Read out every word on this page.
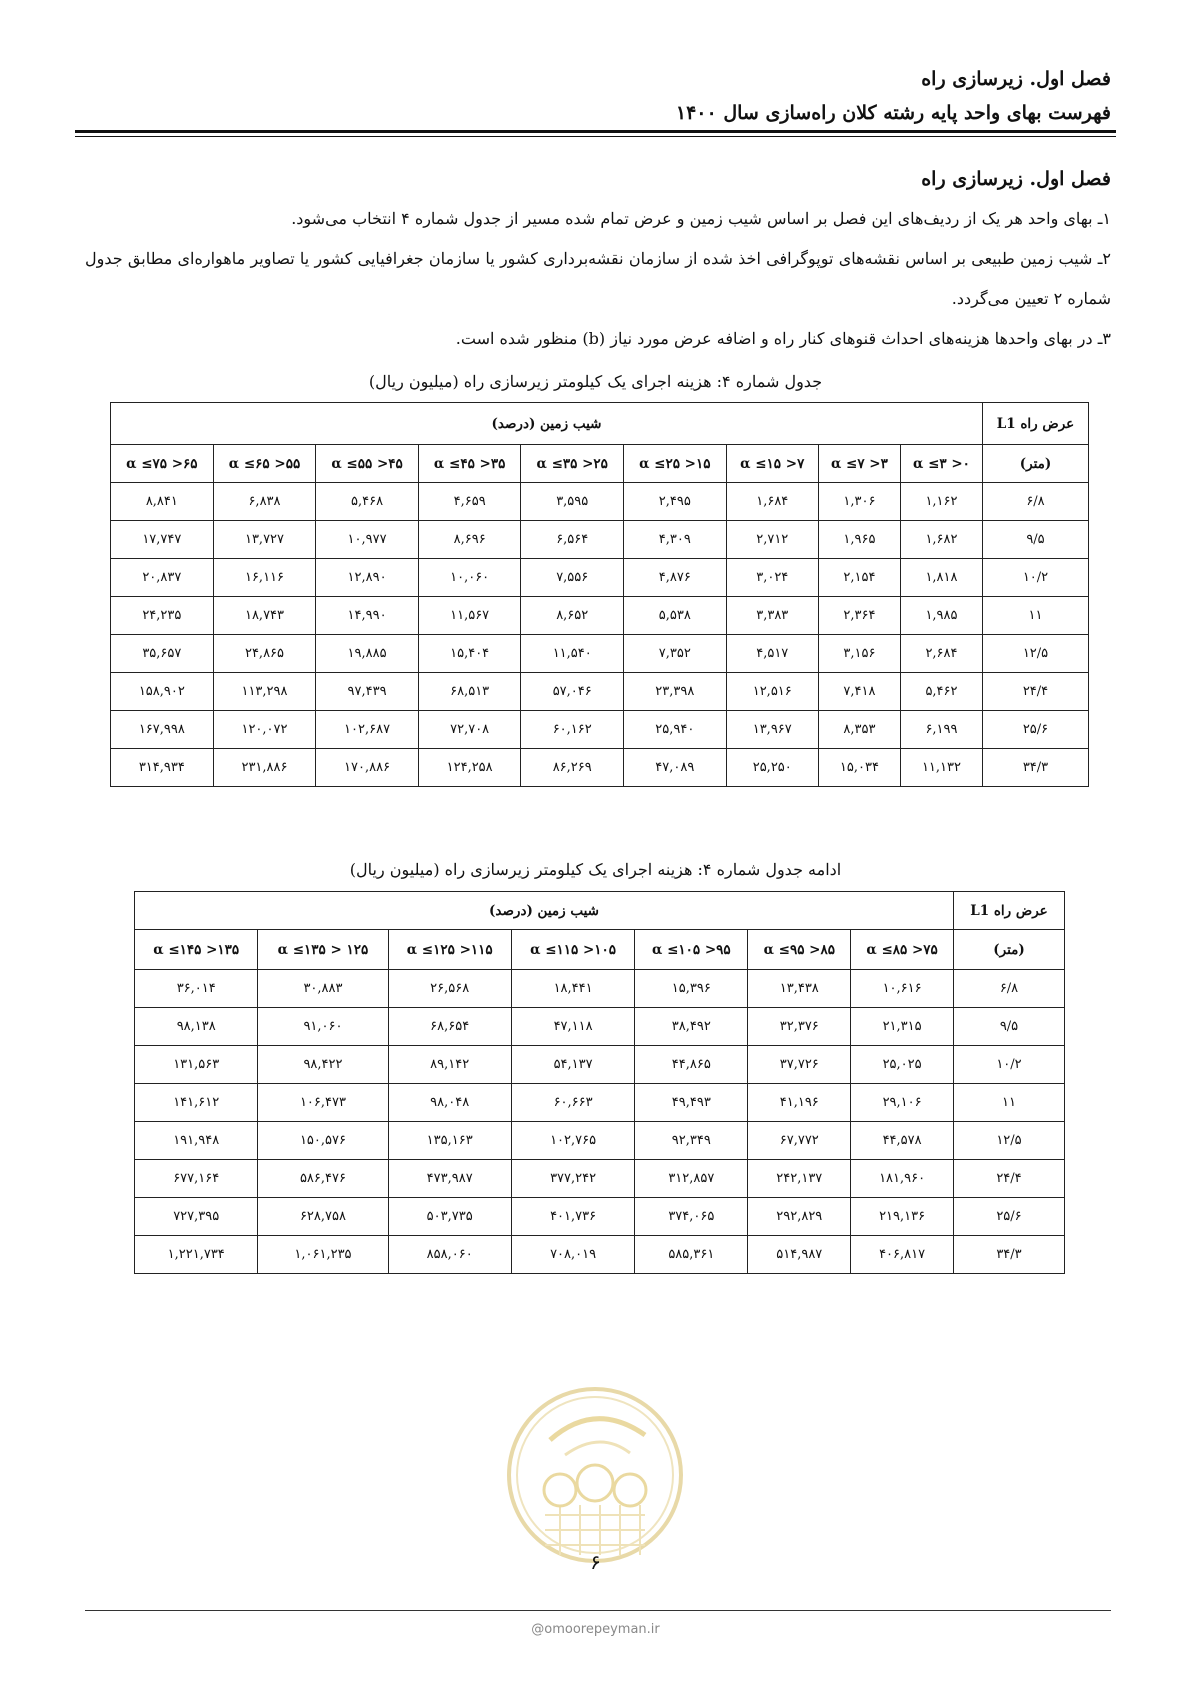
فصل اول. زیرسازی راه
فهرست بهای واحد پایه رشته کلان راه‌سازی سال ۱۴۰۰
فصل اول. زیرسازی راه

۱ـ بهای واحد هر یک از ردیف‌های این فصل بر اساس شیب زمین و عرض تمام شده مسیر از جدول شماره ۴ انتخاب می‌شود.

۲ـ شیب زمین طبیعی بر اساس نقشه‌های توپوگرافی اخذ شده از سازمان نقشه‌برداری کشور یا سازمان جغرافیایی کشور یا تصاویر ماهواره‌ای مطابق جدول شماره ۲ تعیین می‌گردد.

۳ـ در بهای واحدها هزینه‌های احداث قنوهای کنار راه و اضافه عرض مورد نیاز (b) منظور شده است.

جدول شماره ۴: هزینه اجرای یک کیلومتر زیرسازی راه (میلیون ریال)
عرض راه L1	شیب زمین (درصد)								
(متر)	۰< α ≤۳	۳< α ≤۷	۷< α ≤۱۵	۱۵< α ≤۲۵	۲۵< α ≤۳۵	۳۵< α ≤۴۵	۴۵< α ≤۵۵	۵۵< α ≤۶۵	۶۵< α ≤۷۵
۶/۸	۱,۱۶۲	۱,۳۰۶	۱,۶۸۴	۲,۴۹۵	۳,۵۹۵	۴,۶۵۹	۵,۴۶۸	۶,۸۳۸	۸,۸۴۱
۹/۵	۱,۶۸۲	۱,۹۶۵	۲,۷۱۲	۴,۳۰۹	۶,۵۶۴	۸,۶۹۶	۱۰,۹۷۷	۱۳,۷۲۷	۱۷,۷۴۷
۱۰/۲	۱,۸۱۸	۲,۱۵۴	۳,۰۲۴	۴,۸۷۶	۷,۵۵۶	۱۰,۰۶۰	۱۲,۸۹۰	۱۶,۱۱۶	۲۰,۸۳۷
۱۱	۱,۹۸۵	۲,۳۶۴	۳,۳۸۳	۵,۵۳۸	۸,۶۵۲	۱۱,۵۶۷	۱۴,۹۹۰	۱۸,۷۴۳	۲۴,۲۳۵
۱۲/۵	۲,۶۸۴	۳,۱۵۶	۴,۵۱۷	۷,۳۵۲	۱۱,۵۴۰	۱۵,۴۰۴	۱۹,۸۸۵	۲۴,۸۶۵	۳۵,۶۵۷
۲۴/۴	۵,۴۶۲	۷,۴۱۸	۱۲,۵۱۶	۲۳,۳۹۸	۵۷,۰۴۶	۶۸,۵۱۳	۹۷,۴۳۹	۱۱۳,۲۹۸	۱۵۸,۹۰۲
۲۵/۶	۶,۱۹۹	۸,۳۵۳	۱۳,۹۶۷	۲۵,۹۴۰	۶۰,۱۶۲	۷۲,۷۰۸	۱۰۲,۶۸۷	۱۲۰,۰۷۲	۱۶۷,۹۹۸
۳۴/۳	۱۱,۱۳۲	۱۵,۰۳۴	۲۵,۲۵۰	۴۷,۰۸۹	۸۶,۲۶۹	۱۲۴,۲۵۸	۱۷۰,۸۸۶	۲۳۱,۸۸۶	۳۱۴,۹۳۴
ادامه جدول شماره ۴: هزینه اجرای یک کیلومتر زیرسازی راه (میلیون ریال)
عرض راه L1	شیب زمین (درصد)						
(متر)	۷۵< α ≤۸۵	۸۵< α ≤۹۵	۹۵< α ≤۱۰۵	۱۰۵< α ≤۱۱۵	۱۱۵< α ≤۱۲۵	۱۲۵ < α ≤۱۳۵	۱۳۵< α ≤۱۴۵
۶/۸	۱۰,۶۱۶	۱۳,۴۳۸	۱۵,۳۹۶	۱۸,۴۴۱	۲۶,۵۶۸	۳۰,۸۸۳	۳۶,۰۱۴
۹/۵	۲۱,۳۱۵	۳۲,۳۷۶	۳۸,۴۹۲	۴۷,۱۱۸	۶۸,۶۵۴	۹۱,۰۶۰	۹۸,۱۳۸
۱۰/۲	۲۵,۰۲۵	۳۷,۷۲۶	۴۴,۸۶۵	۵۴,۱۳۷	۸۹,۱۴۲	۹۸,۴۲۲	۱۳۱,۵۶۳
۱۱	۲۹,۱۰۶	۴۱,۱۹۶	۴۹,۴۹۳	۶۰,۶۶۳	۹۸,۰۴۸	۱۰۶,۴۷۳	۱۴۱,۶۱۲
۱۲/۵	۴۴,۵۷۸	۶۷,۷۷۲	۹۲,۳۴۹	۱۰۲,۷۶۵	۱۳۵,۱۶۳	۱۵۰,۵۷۶	۱۹۱,۹۴۸
۲۴/۴	۱۸۱,۹۶۰	۲۴۲,۱۳۷	۳۱۲,۸۵۷	۳۷۷,۲۴۲	۴۷۳,۹۸۷	۵۸۶,۴۷۶	۶۷۷,۱۶۴
۲۵/۶	۲۱۹,۱۳۶	۲۹۲,۸۲۹	۳۷۴,۰۶۵	۴۰۱,۷۳۶	۵۰۳,۷۳۵	۶۲۸,۷۵۸	۷۲۷,۳۹۵
۳۴/۳	۴۰۶,۸۱۷	۵۱۴,۹۸۷	۵۸۵,۳۶۱	۷۰۸,۰۱۹	۸۵۸,۰۶۰	۱,۰۶۱,۲۳۵	۱,۲۲۱,۷۳۴
۶
@omoorepeyman.ir
